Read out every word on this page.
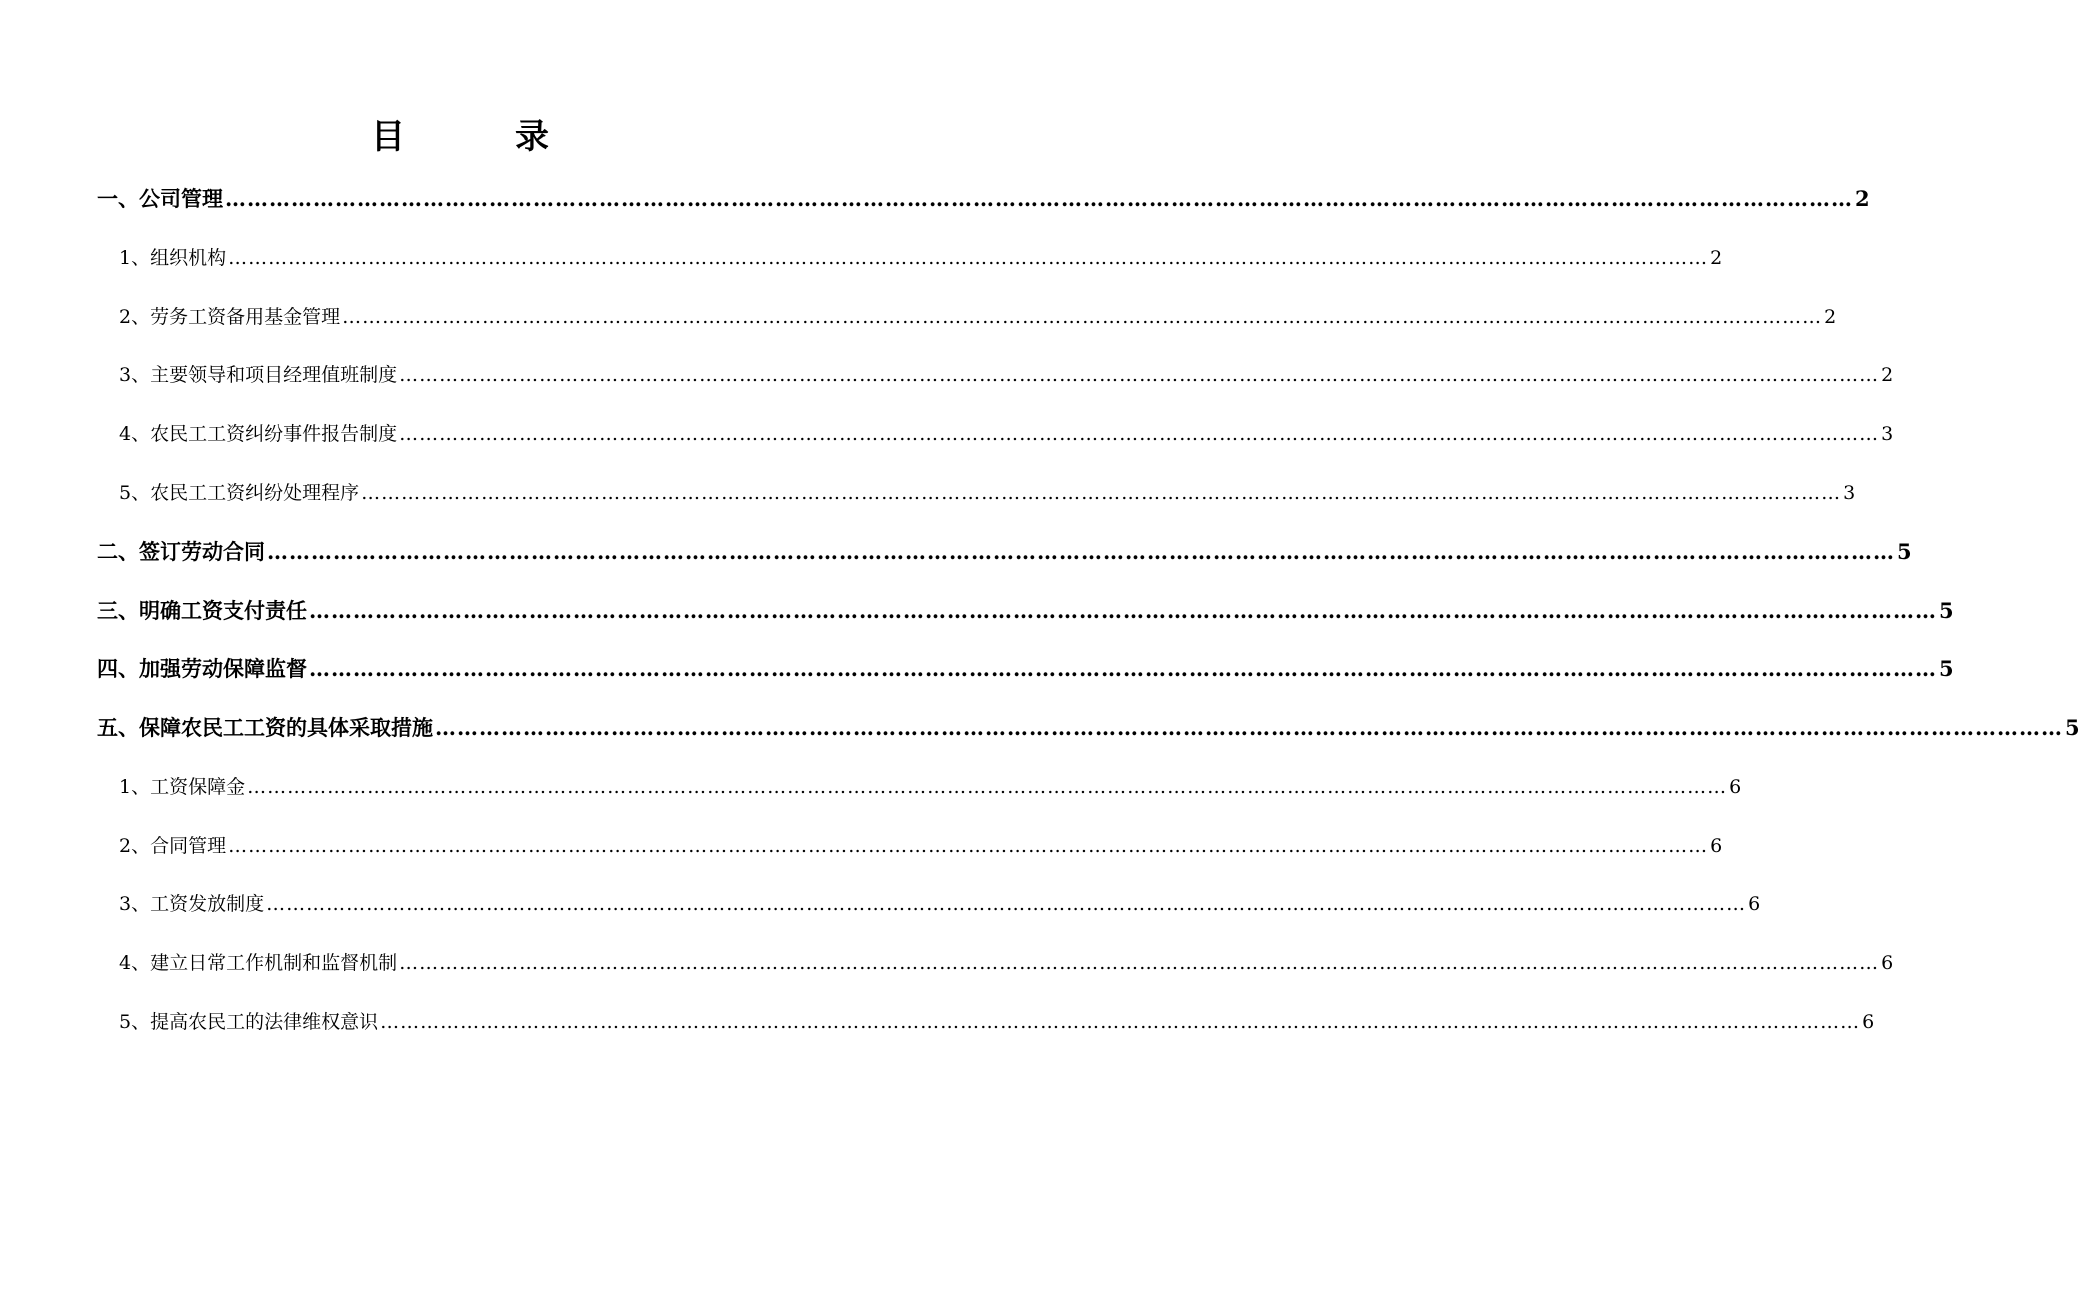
目	录
一、公司管理 …………………………………………………………………………………………………………………………………………………………………………………………………… 2
1、组织机构 …………………………………………………………………………………………………………………………………………………………………………………………………… 2
2、劳务工资备用基金管理 …………………………………………………………………………………………………………………………………………………………………………………………………… 2
3、主要领导和项目经理值班制度 …………………………………………………………………………………………………………………………………………………………………………………………………… 2
4、农民工工资纠纷事件报告制度 …………………………………………………………………………………………………………………………………………………………………………………………………… 3
5、农民工工资纠纷处理程序 …………………………………………………………………………………………………………………………………………………………………………………………………… 3
二、签订劳动合同 …………………………………………………………………………………………………………………………………………………………………………………………………… 5
三、明确工资支付责任 …………………………………………………………………………………………………………………………………………………………………………………………………… 5
四、加强劳动保障监督 …………………………………………………………………………………………………………………………………………………………………………………………………… 5
五、保障农民工工资的具体采取措施 …………………………………………………………………………………………………………………………………………………………………………………………………… 5
1、工资保障金 …………………………………………………………………………………………………………………………………………………………………………………………………… 6
2、合同管理 …………………………………………………………………………………………………………………………………………………………………………………………………… 6
3、工资发放制度 …………………………………………………………………………………………………………………………………………………………………………………………………… 6
4、建立日常工作机制和监督机制 …………………………………………………………………………………………………………………………………………………………………………………………………… 6
5、提高农民工的法律维权意识 …………………………………………………………………………………………………………………………………………………………………………………………………… 6
